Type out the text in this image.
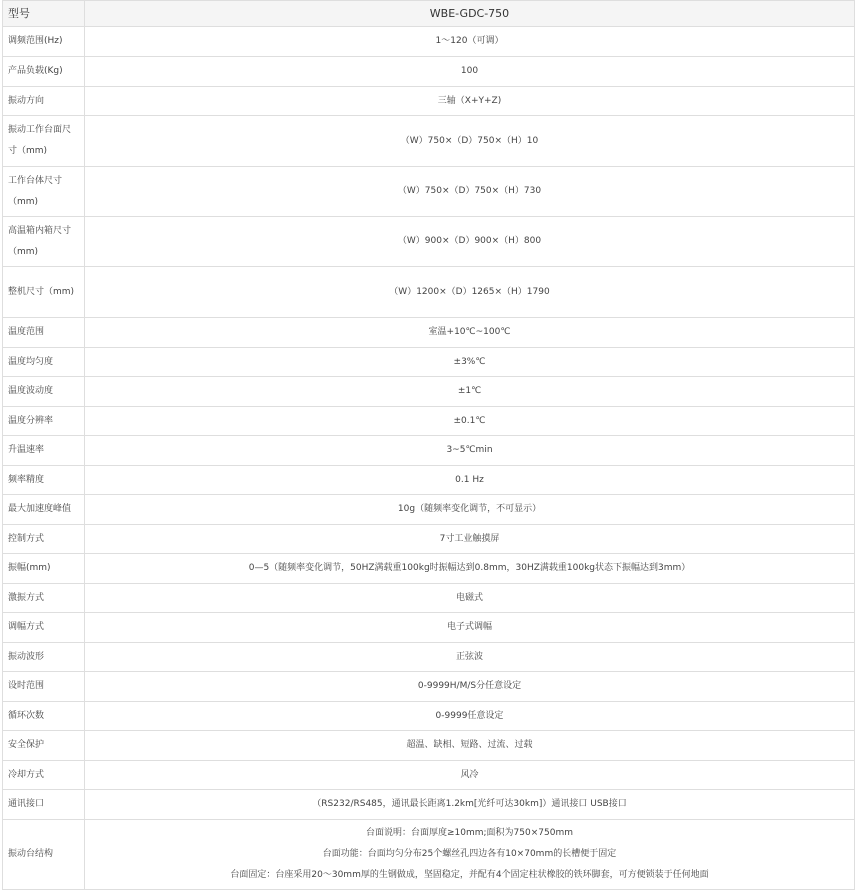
型号	WBE-GDC-750
调频范围(Hz)	1～120（可调）
产品负载(Kg)	100
振动方向	三轴（X+Y+Z)
振动工作台面尺寸（mm)	（W）750×（D）750×（H）10
工作台体尺寸（mm)	（W）750×（D）750×（H）730
高温箱内箱尺寸（mm)	（W）900×（D）900×（H）800
整机尺寸（mm)	（W）1200×（D）1265×（H）1790
温度范围	室温+10℃~100℃
温度均匀度	±3%℃
温度波动度	±1℃
温度分辨率	±0.1℃
升温速率	3~5℃min
频率精度	0.1 Hz
最大加速度峰值	10g（随频率变化调节，不可显示）
控制方式	7寸工业触摸屏
振幅(mm)	0—5（随频率变化调节，50HZ满载重100kg时振幅达到0.8mm，30HZ满载重100kg状态下振幅达到3mm）
激振方式	电磁式
调幅方式	电子式调幅
振动波形	正弦波
设时范围	0-9999H/M/S分任意设定
循环次数	0-9999任意设定
安全保护	超温、缺相、短路、过流、过载
冷却方式	风冷
通讯接口	（RS232/RS485，通讯最长距离1.2km[光纤可达30km]）通讯接口 USB接口
振动台结构	台面说明：台面厚度≥10mm;面积为750×750mm
台面功能：台面均匀分布25个螺丝孔四边各有10×70mm的长槽便于固定
台面固定：台座采用20～30mm厚的生钢做成，坚固稳定，并配有4个固定柱状橡胶的铁环脚套，可方便锁装于任何地面
